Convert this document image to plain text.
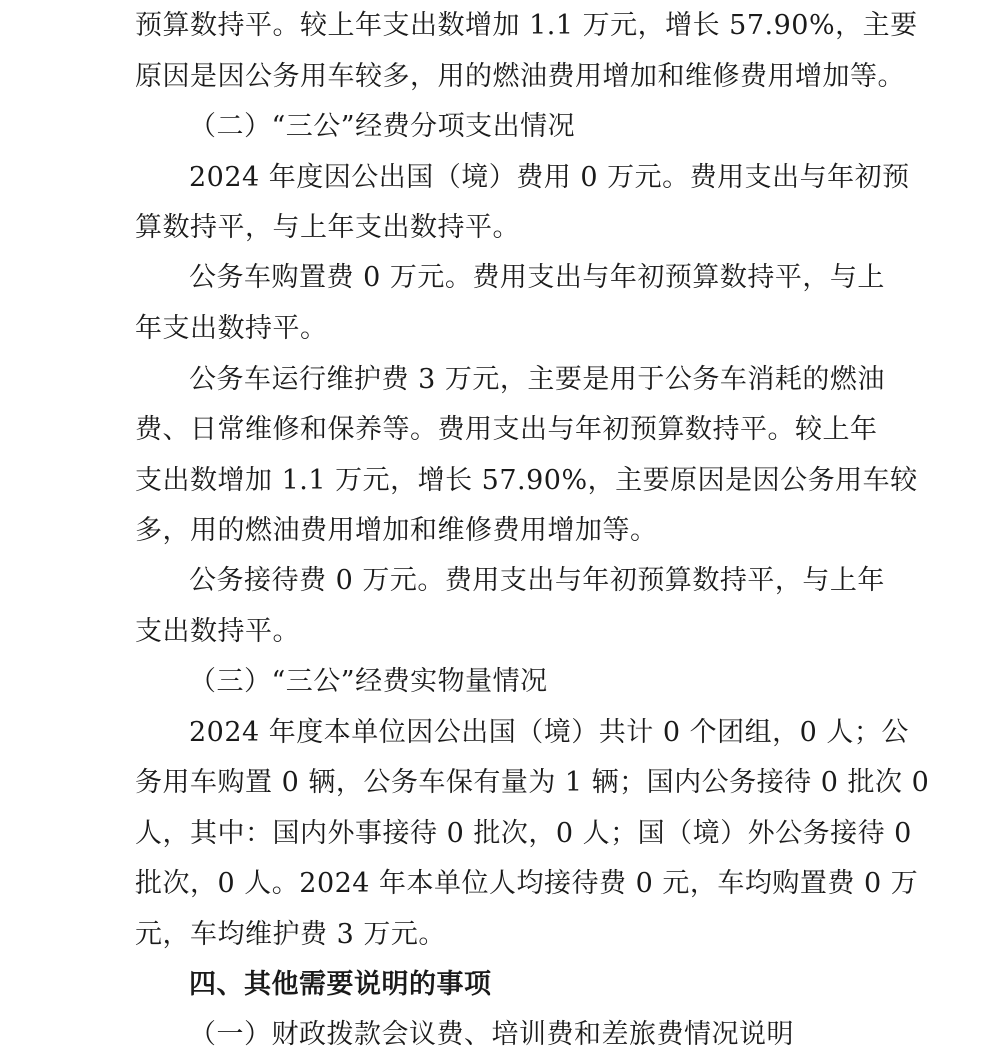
预算数持平。较上年支出数增加 1.1 万元，增长 57.90%，主要
原因是因公务用车较多，用的燃油费用增加和维修费用增加等。
（二）“三公”经费分项支出情况
2024 年度因公出国（境）费用 0 万元。费用支出与年初预
算数持平，与上年支出数持平。
公务车购置费 0 万元。费用支出与年初预算数持平，与上
年支出数持平。
公务车运行维护费 3 万元，主要是用于公务车消耗的燃油
费、日常维修和保养等。费用支出与年初预算数持平。较上年
支出数增加 1.1 万元，增长 57.90%，主要原因是因公务用车较
多，用的燃油费用增加和维修费用增加等。
公务接待费 0 万元。费用支出与年初预算数持平，与上年
支出数持平。
（三）“三公”经费实物量情况
2024 年度本单位因公出国（境）共计 0 个团组，0 人；公
务用车购置 0 辆，公务车保有量为 1 辆；国内公务接待 0 批次 0
人，其中：国内外事接待 0 批次，0 人；国（境）外公务接待 0
批次，0 人。2024 年本单位人均接待费 0 元，车均购置费 0 万
元，车均维护费 3 万元。
四、其他需要说明的事项
（一）财政拨款会议费、培训费和差旅费情况说明
